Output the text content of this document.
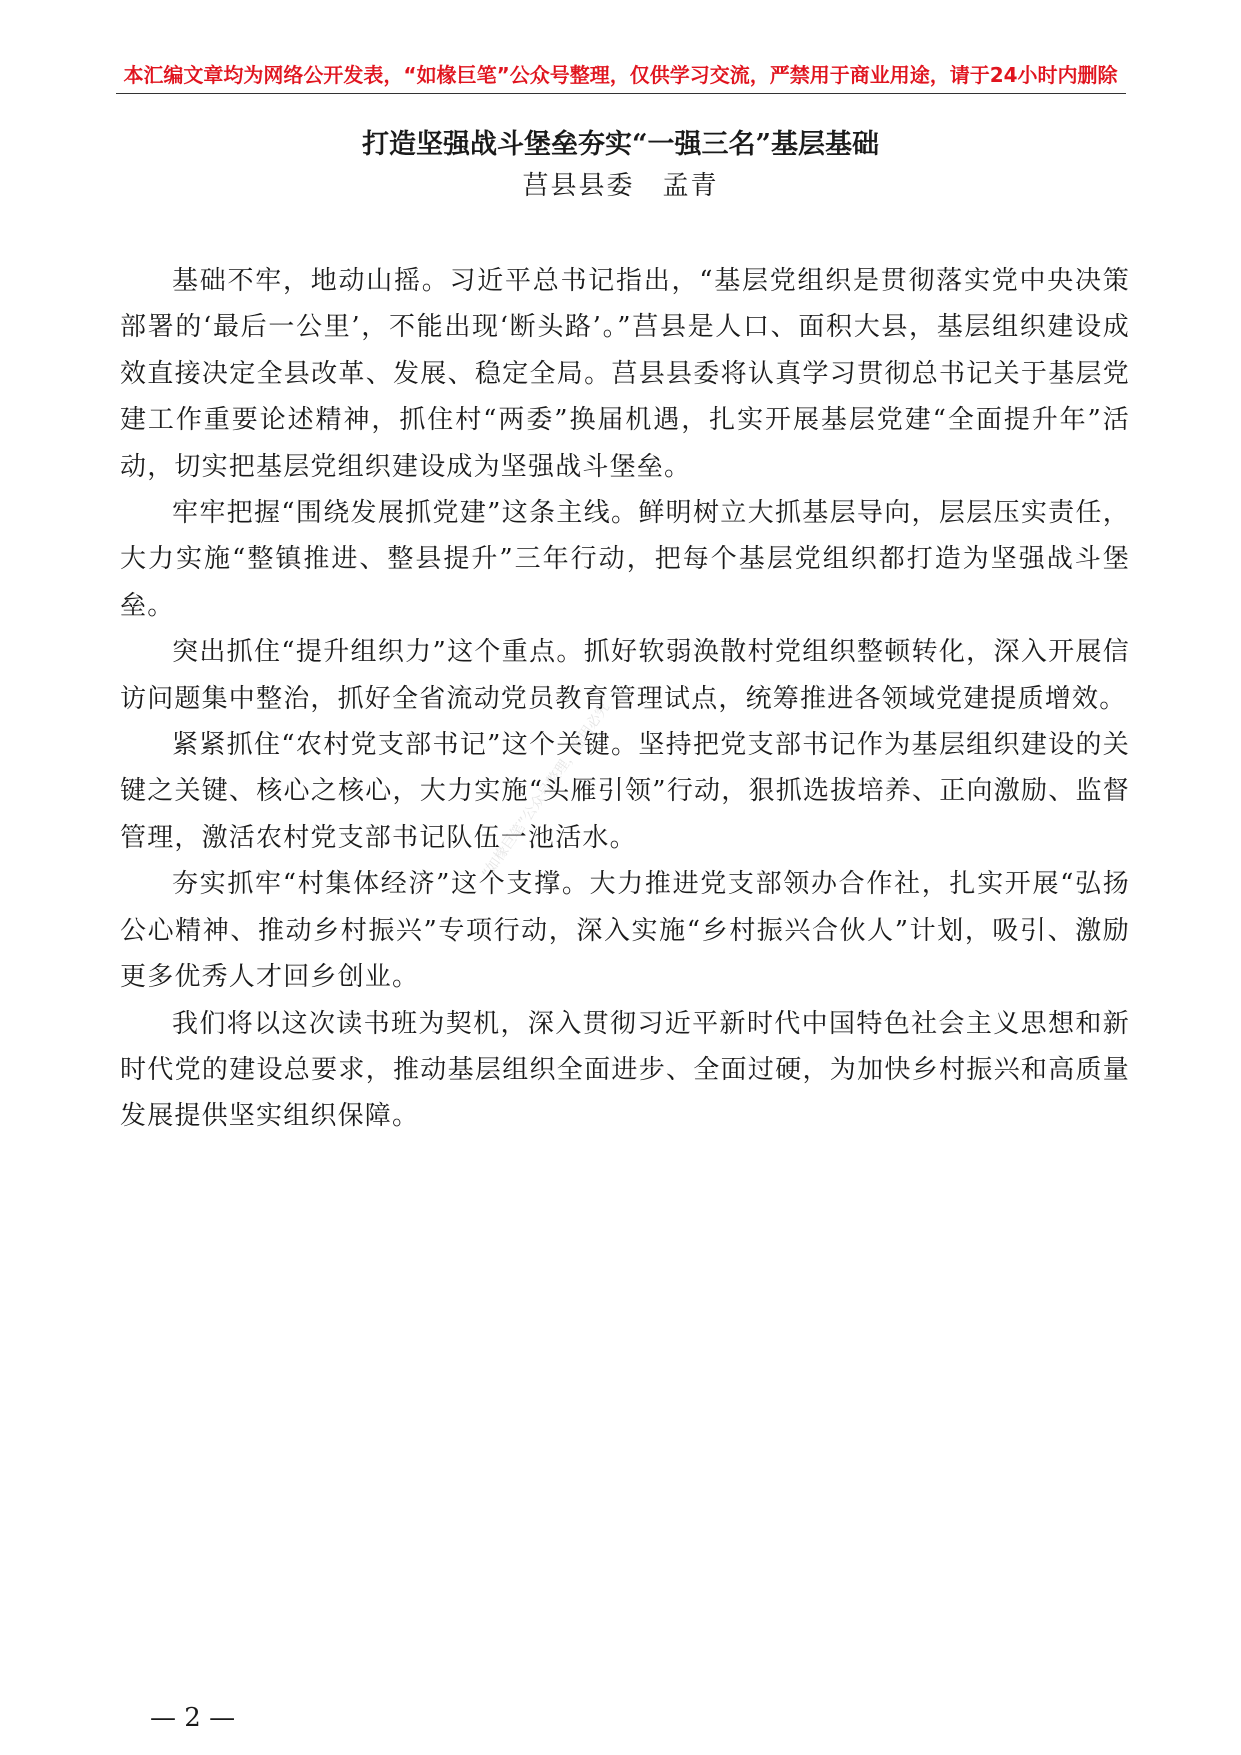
本汇编文章均为网络公开发表，“如椽巨笔”公众号整理，仅供学习交流，严禁用于商业用途，请于24小时内删除
打造坚强战斗堡垒夯实“一强三名”基层基础
莒县县委　孟青
“如椽巨笔”公众号整理，盗用必究

基础不牢，地动山摇。习近平总书记指出，“基层党组织是贯彻落实党中央决策部署的‘最后一公里’，不能出现‘断头路’。”莒县是人口、面积大县，基层组织建设成效直接决定全县改革、发展、稳定全局。莒县县委将认真学习贯彻总书记关于基层党建工作重要论述精神，抓住村“两委”换届机遇，扎实开展基层党建“全面提升年”活动，切实把基层党组织建设成为坚强战斗堡垒。

牢牢把握“围绕发展抓党建”这条主线。鲜明树立大抓基层导向，层层压实责任，大力实施“整镇推进、整县提升”三年行动，把每个基层党组织都打造为坚强战斗堡垒。

突出抓住“提升组织力”这个重点。抓好软弱涣散村党组织整顿转化，深入开展信访问题集中整治，抓好全省流动党员教育管理试点，统筹推进各领域党建提质增效。

紧紧抓住“农村党支部书记”这个关键。坚持把党支部书记作为基层组织建设的关键之关键、核心之核心，大力实施“头雁引领”行动，狠抓选拔培养、正向激励、监督管理，激活农村党支部书记队伍一池活水。

夯实抓牢“村集体经济”这个支撑。大力推进党支部领办合作社，扎实开展“弘扬公心精神、推动乡村振兴”专项行动，深入实施“乡村振兴合伙人”计划，吸引、激励更多优秀人才回乡创业。

我们将以这次读书班为契机，深入贯彻习近平新时代中国特色社会主义思想和新时代党的建设总要求，推动基层组织全面进步、全面过硬，为加快乡村振兴和高质量发展提供坚实组织保障。

— 2 —
